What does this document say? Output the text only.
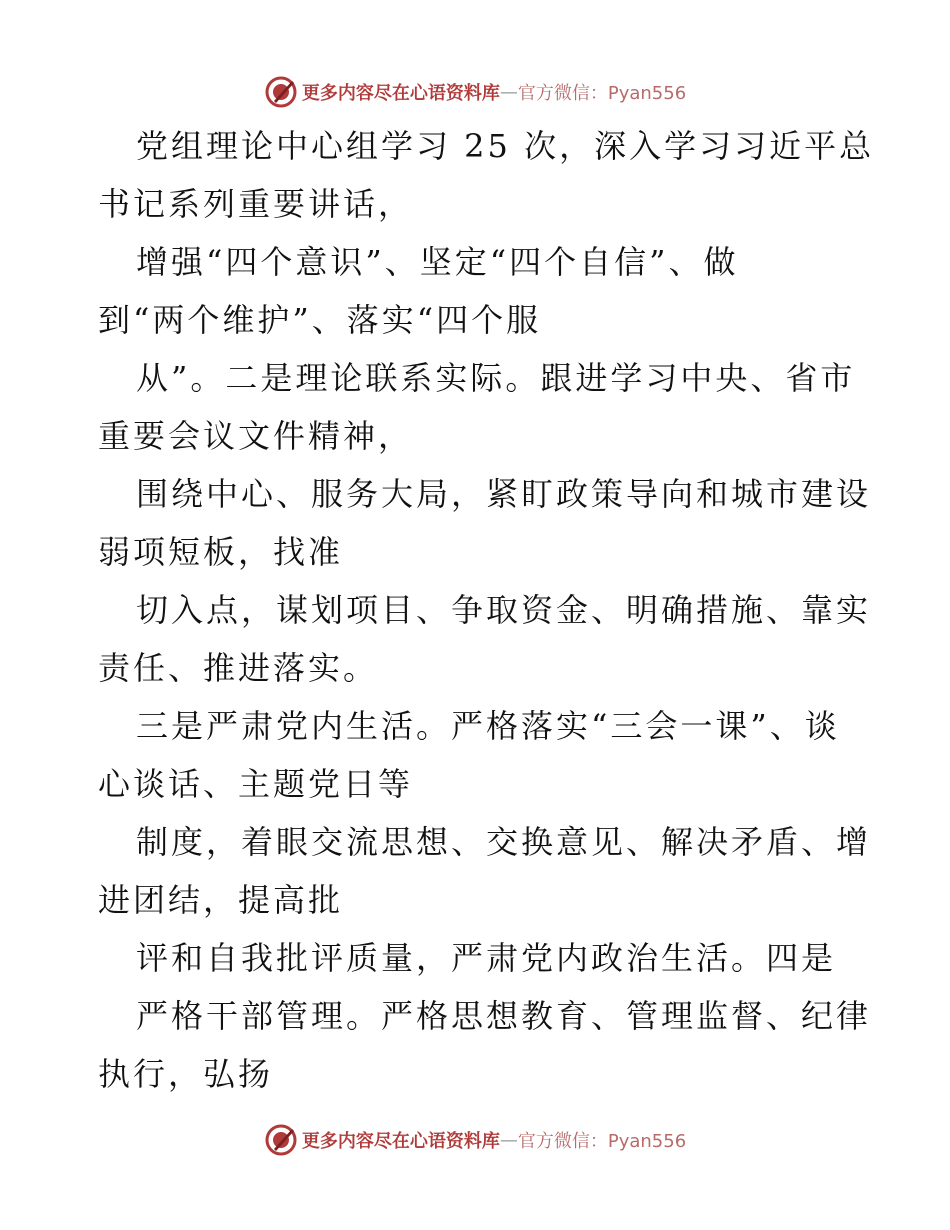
更多内容尽在心语资料库 — 官方微信：Pyan556
党组理论中心组学习 25 次，深入学习习近平总
书记系列重要讲话，
增强“四个意识”、坚定“四个自信”、做
到“两个维护”、落实“四个服
从”。二是理论联系实际。跟进学习中央、省市
重要会议文件精神，
围绕中心、服务大局，紧盯政策导向和城市建设
弱项短板，找准
切入点，谋划项目、争取资金、明确措施、靠实
责任、推进落实。
三是严肃党内生活。严格落实“三会一课”、谈
心谈话、主题党日等
制度，着眼交流思想、交换意见、解决矛盾、增
进团结，提高批
评和自我批评质量，严肃党内政治生活。四是
严格干部管理。严格思想教育、管理监督、纪律
执行，弘扬
更多内容尽在心语资料库 — 官方微信：Pyan556
